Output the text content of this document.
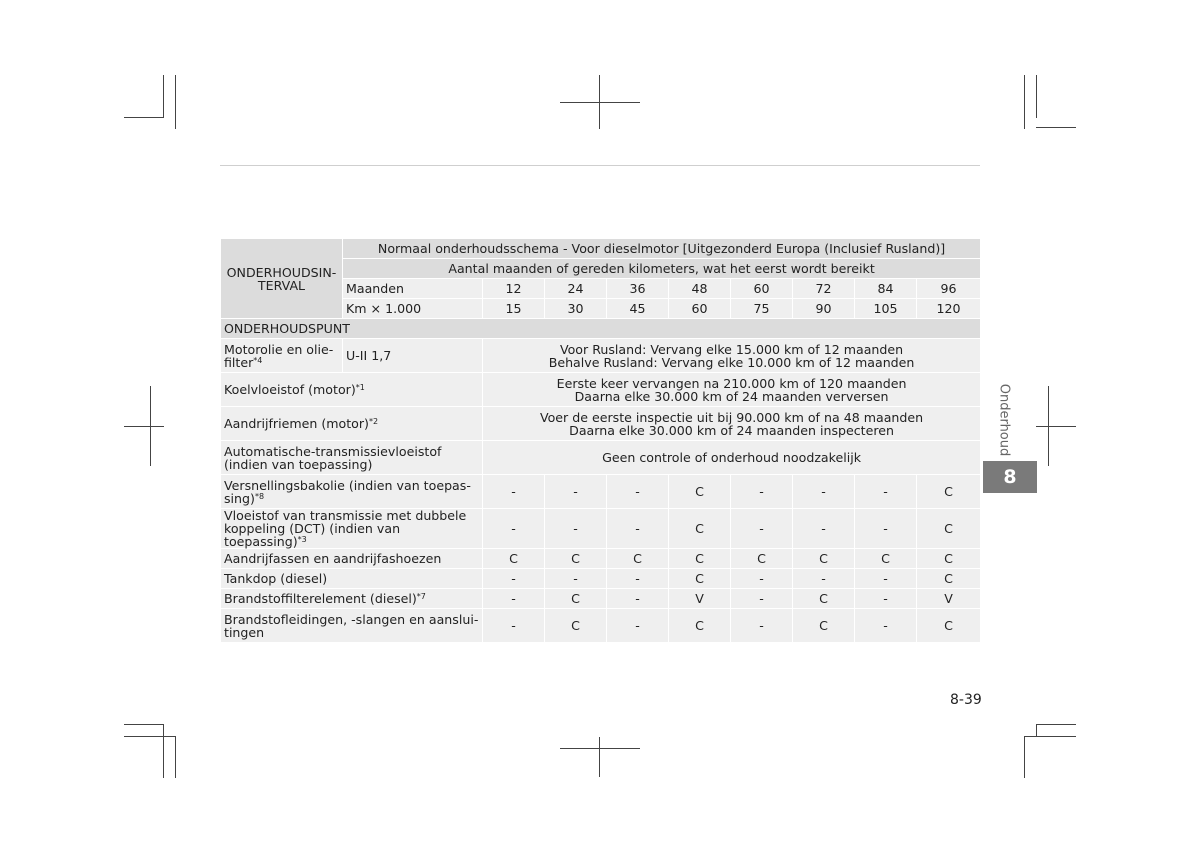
ONDERHOUDSIN-TERVAL	Normaal onderhoudsschema - Voor dieselmotor [Uitgezonderd Europa (Inclusief Rusland)]								
	Aantal maanden of gereden kilometers, wat het eerst wordt bereikt								
	Maanden	12	24	36	48	60	72	84	96
	Km × 1.000	15	30	45	60	75	90	105	120
ONDERHOUDSPUNT									
Motorolie en olie-filter$^{*4}$	U-II 1,7	Voor Rusland: Vervang elke 15.000 km of 12 maanden
Behalve Rusland: Vervang elke 10.000 km of 12 maanden							

Koelvloeistof (motor)$^{*1}$		Eerste keer vervangen na 210.000 km of 120 maanden
Daarna elke 30.000 km of 24 maanden verversen							

Aandrijfriemen (motor)$^{*2}$		Voer de eerste inspectie uit bij 90.000 km of na 48 maanden
Daarna elke 30.000 km of 24 maanden inspecteren							

Automatische-transmissievloeistof (indien van toepassing)		Geen controle of onderhoud noodzakelijk							
Versnellingsbakolie (indien van toepas-sing)$^{*8}$		-	-	-	C	-	-	-	C
Vloeistof van transmissie met dubbele koppeling (DCT) (indien van toepassing)$^{*3}$		-	-	-	C	-	-	-	C
Aandrijfassen en aandrijfashoezen		C	C	C	C	C	C	C	C
Tankdop (diesel)		-	-	-	C	-	-	-	C
Brandstoffilterelement (diesel)$^{*7}$		-	C	-	V	-	C	-	V
Brandstofleidingen, -slangen en aanslui-tingen		-	C	-	C	-	C	-	C
Onderhoud
8
8-39
